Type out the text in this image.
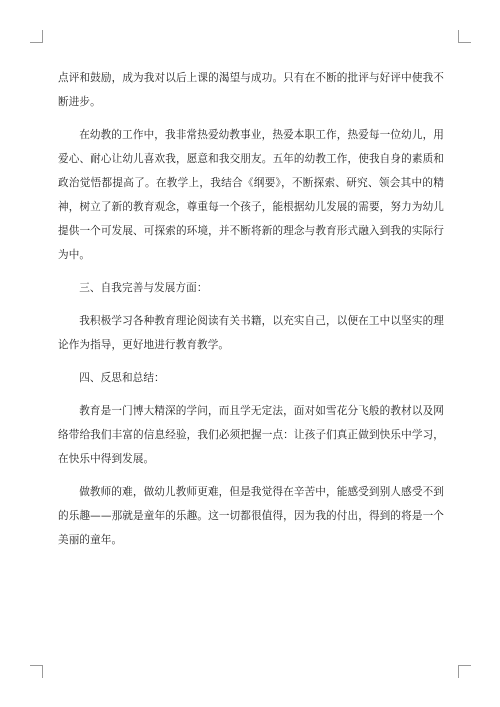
点评和鼓励，成为我对以后上课的渴望与成功。只有在不断的批评与好评中使我不断进步。

在幼教的工作中，我非常热爱幼教事业，热爱本职工作，热爱每一位幼儿，用爱心、耐心让幼儿喜欢我，愿意和我交朋友。五年的幼教工作，使我自身的素质和政治觉悟都提高了。在教学上，我结合《纲要》，不断探索、研究、领会其中的精神，树立了新的教育观念，尊重每一个孩子，能根据幼儿发展的需要，努力为幼儿提供一个可发展、可探索的环境，并不断将新的理念与教育形式融入到我的实际行为中。

三、自我完善与发展方面：

我积极学习各种教育理论阅读有关书籍，以充实自己，以便在工中以坚实的理论作为指导，更好地进行教育教学。

四、反思和总结：

教育是一门博大精深的学问，而且学无定法，面对如雪花分飞般的教材以及网络带给我们丰富的信息经验，我们必须把握一点：让孩子们真正做到快乐中学习，在快乐中得到发展。

做教师的难，做幼儿教师更难，但是我觉得在辛苦中，能感受到别人感受不到的乐趣——那就是童年的乐趣。这一切都很值得，因为我的付出，得到的将是一个美丽的童年。
